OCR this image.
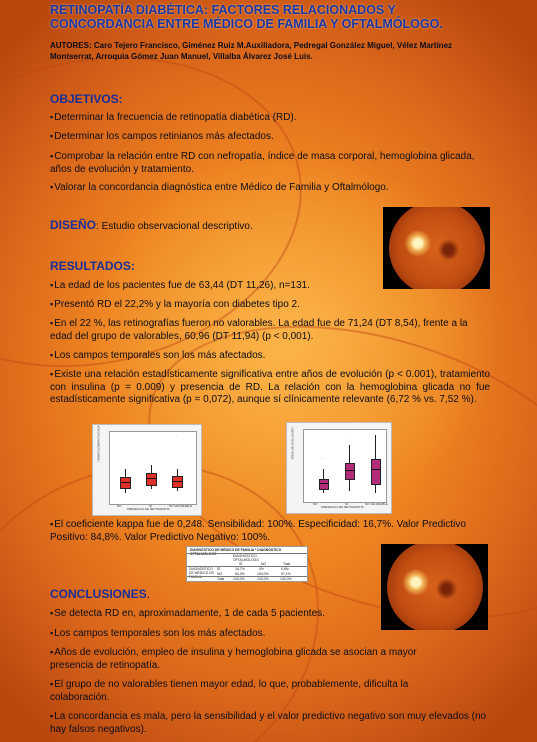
RETINOPATÍA DIABÉTICA: FACTORES RELACIONADOS Y CONCORDANCIA ENTRE MÉDICO DE FAMILIA Y OFTALMÓLOGO.
AUTORES: Caro Tejero Francisco, Giménez Ruiz M.Auxiliadora, Pedregal González Miguel, Vélez Martínez Montserrat, Arroquia Gómez Juan Manuel, Villalba Álvarez José Luis.
OBJETIVOS:
▪ Determinar la frecuencia de retinopatía diabética (RD).
▪ Determinar los campos retinianos más afectados.
▪ Comprobar la relación entre RD con nefropatía, índice de masa corporal, hemoglobina glicada, años de evolución y tratamiento.
▪ Valorar la concordancia diagnóstica entre Médico de Familia y Oftalmólogo.
DISEÑO: Estudio observacional descriptivo.
RESULTADOS:
▪ La edad de los pacientes fue de 63,44 (DT 11,26), n=131.
▪ Presentó RD el 22,2% y la mayoría con diabetes tipo 2.
▪ En el 22 %, las retinografías fueron no valorables. La edad fue de 71,24 (DT 8,54), frente a la edad del grupo de valorables, 60,96 (DT 11,94) (p < 0,001).
▪ Los campos temporales son los más afectados.
▪ Existe una relación estadísticamente significativa entre años de evolución (p < 0.001), tratamiento con insulina (p = 0.009) y presencia de RD. La relación con la hemoglobina glicada no fue estadísticamente significativa (p = 0,072), aunque sí clínicamente relevante (6,72 % vs. 7,52 %).
HEMOGLOBINA GLICADA
PRESENCIA DE RETINOPATÍA
◦
NO	SÍ	NO VALORABLE
AÑOS DE EVOLUCIÓN
PRESENCIA DE RETINOPATÍA
◦◦
◦
NO	SÍ	NO VALORABLE
▪ El coeficiente kappa fue de 0,248. Sensibilidad: 100%. Especificidad: 16,7%. Valor Predictivo Positivo: 84,8%. Valor Predictivo Negativo: 100%.
DIAGNÓSTICO DE MÉDICO DE FAMILIA * DIAGNÓSTICO OFTALMÓLOGO	DIAGNÓSTICO OFTALMÓLOGO
SÍ	NO	Total
DIAGNÓSTICO DE MÉDICO DE FAMILIA
SÍ	16,7%	0%	0,8%
NO	83,3%	100,0%	97,1%
Total	100,0%	100,0%	100,0%
CONCLUSIONES.
▪ Se detecta RD en, aproximadamente, 1 de cada 5 pacientes.
▪ Los campos temporales son los más afectados.
▪ Años de evolución, empleo de insulina y hemoglobina glicada se asocian a mayor presencia de retinopatía.
▪ El grupo de no valorables tienen mayor edad, lo que, probablemente, dificulta la colaboración.
▪ La concordancia es mala, pero la sensibilidad y el valor predictivo negativo son muy elevados (no hay falsos negativos).
